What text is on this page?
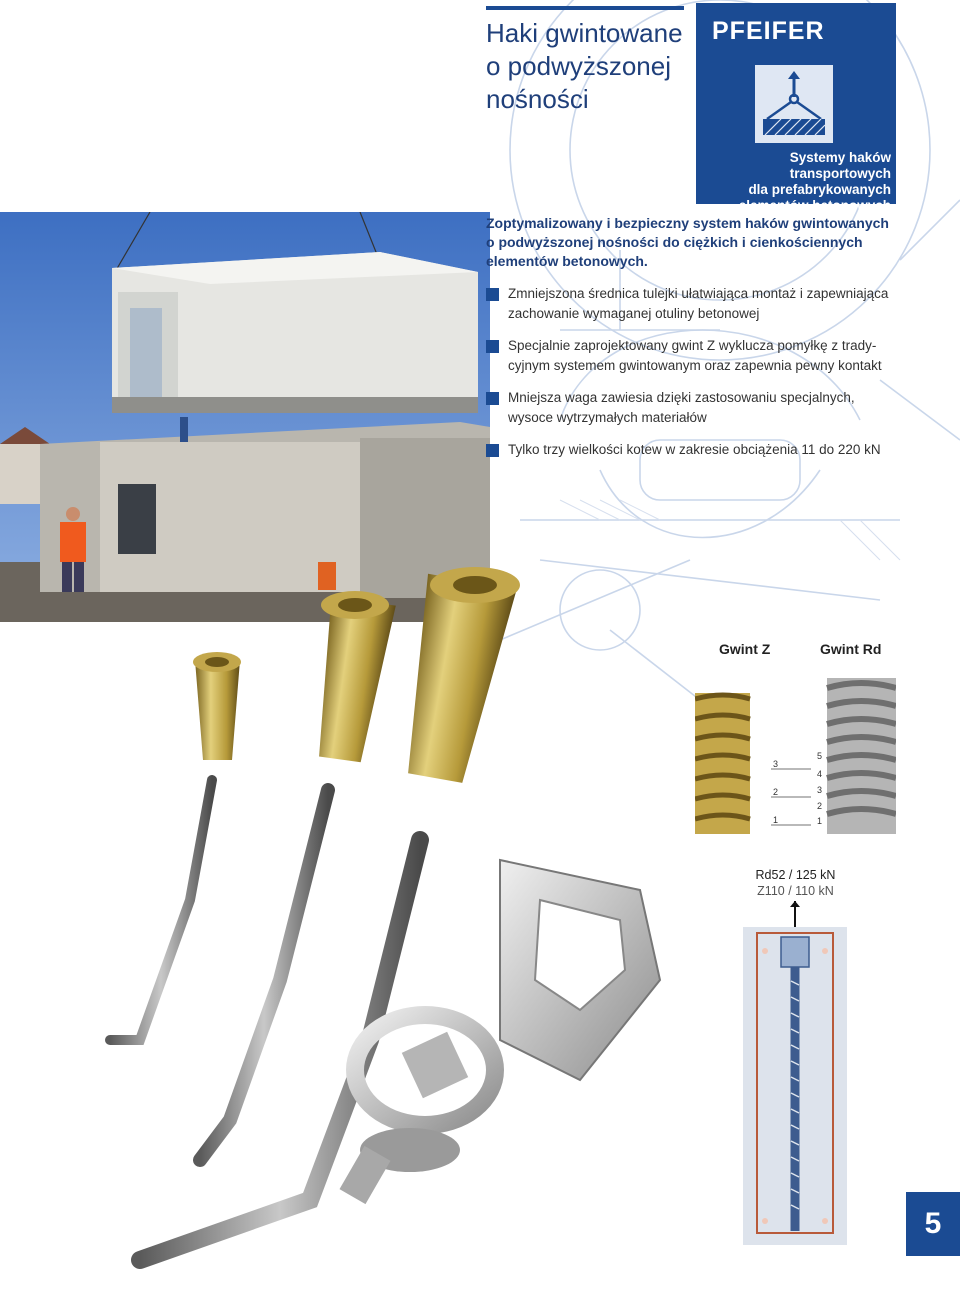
Haki gwintowane
o podwyższonej
nośności
PFEIFER
Systemy haków transportowych
dla prefabrykowanych
elementów betonowych
Zoptymalizowany i bezpieczny system haków gwintowanych
o podwyższonej nośności do ciężkich i cienkościennych
elementów betonowych.
Zmniejszona średnica tulejki ułatwiająca montaż i zapewniająca
zachowanie wymaganej otuliny betonowej
Specjalnie zaprojektowany gwint Z wyklucza pomyłkę z trady-
cyjnym systemem gwintowanym oraz zapewnia pewny kontakt
Mniejsza waga zawiesia dzięki zastosowaniu specjalnych,
wysoce wytrzymałych materiałów
Tylko trzy wielkości kotew w zakresie obciążenia 11 do 220 kN
Gwint Z	Gwint Rd
3
2
1
5
4
3
2
1
Rd52 / 125 kN
Z110 / 110 kN
5
